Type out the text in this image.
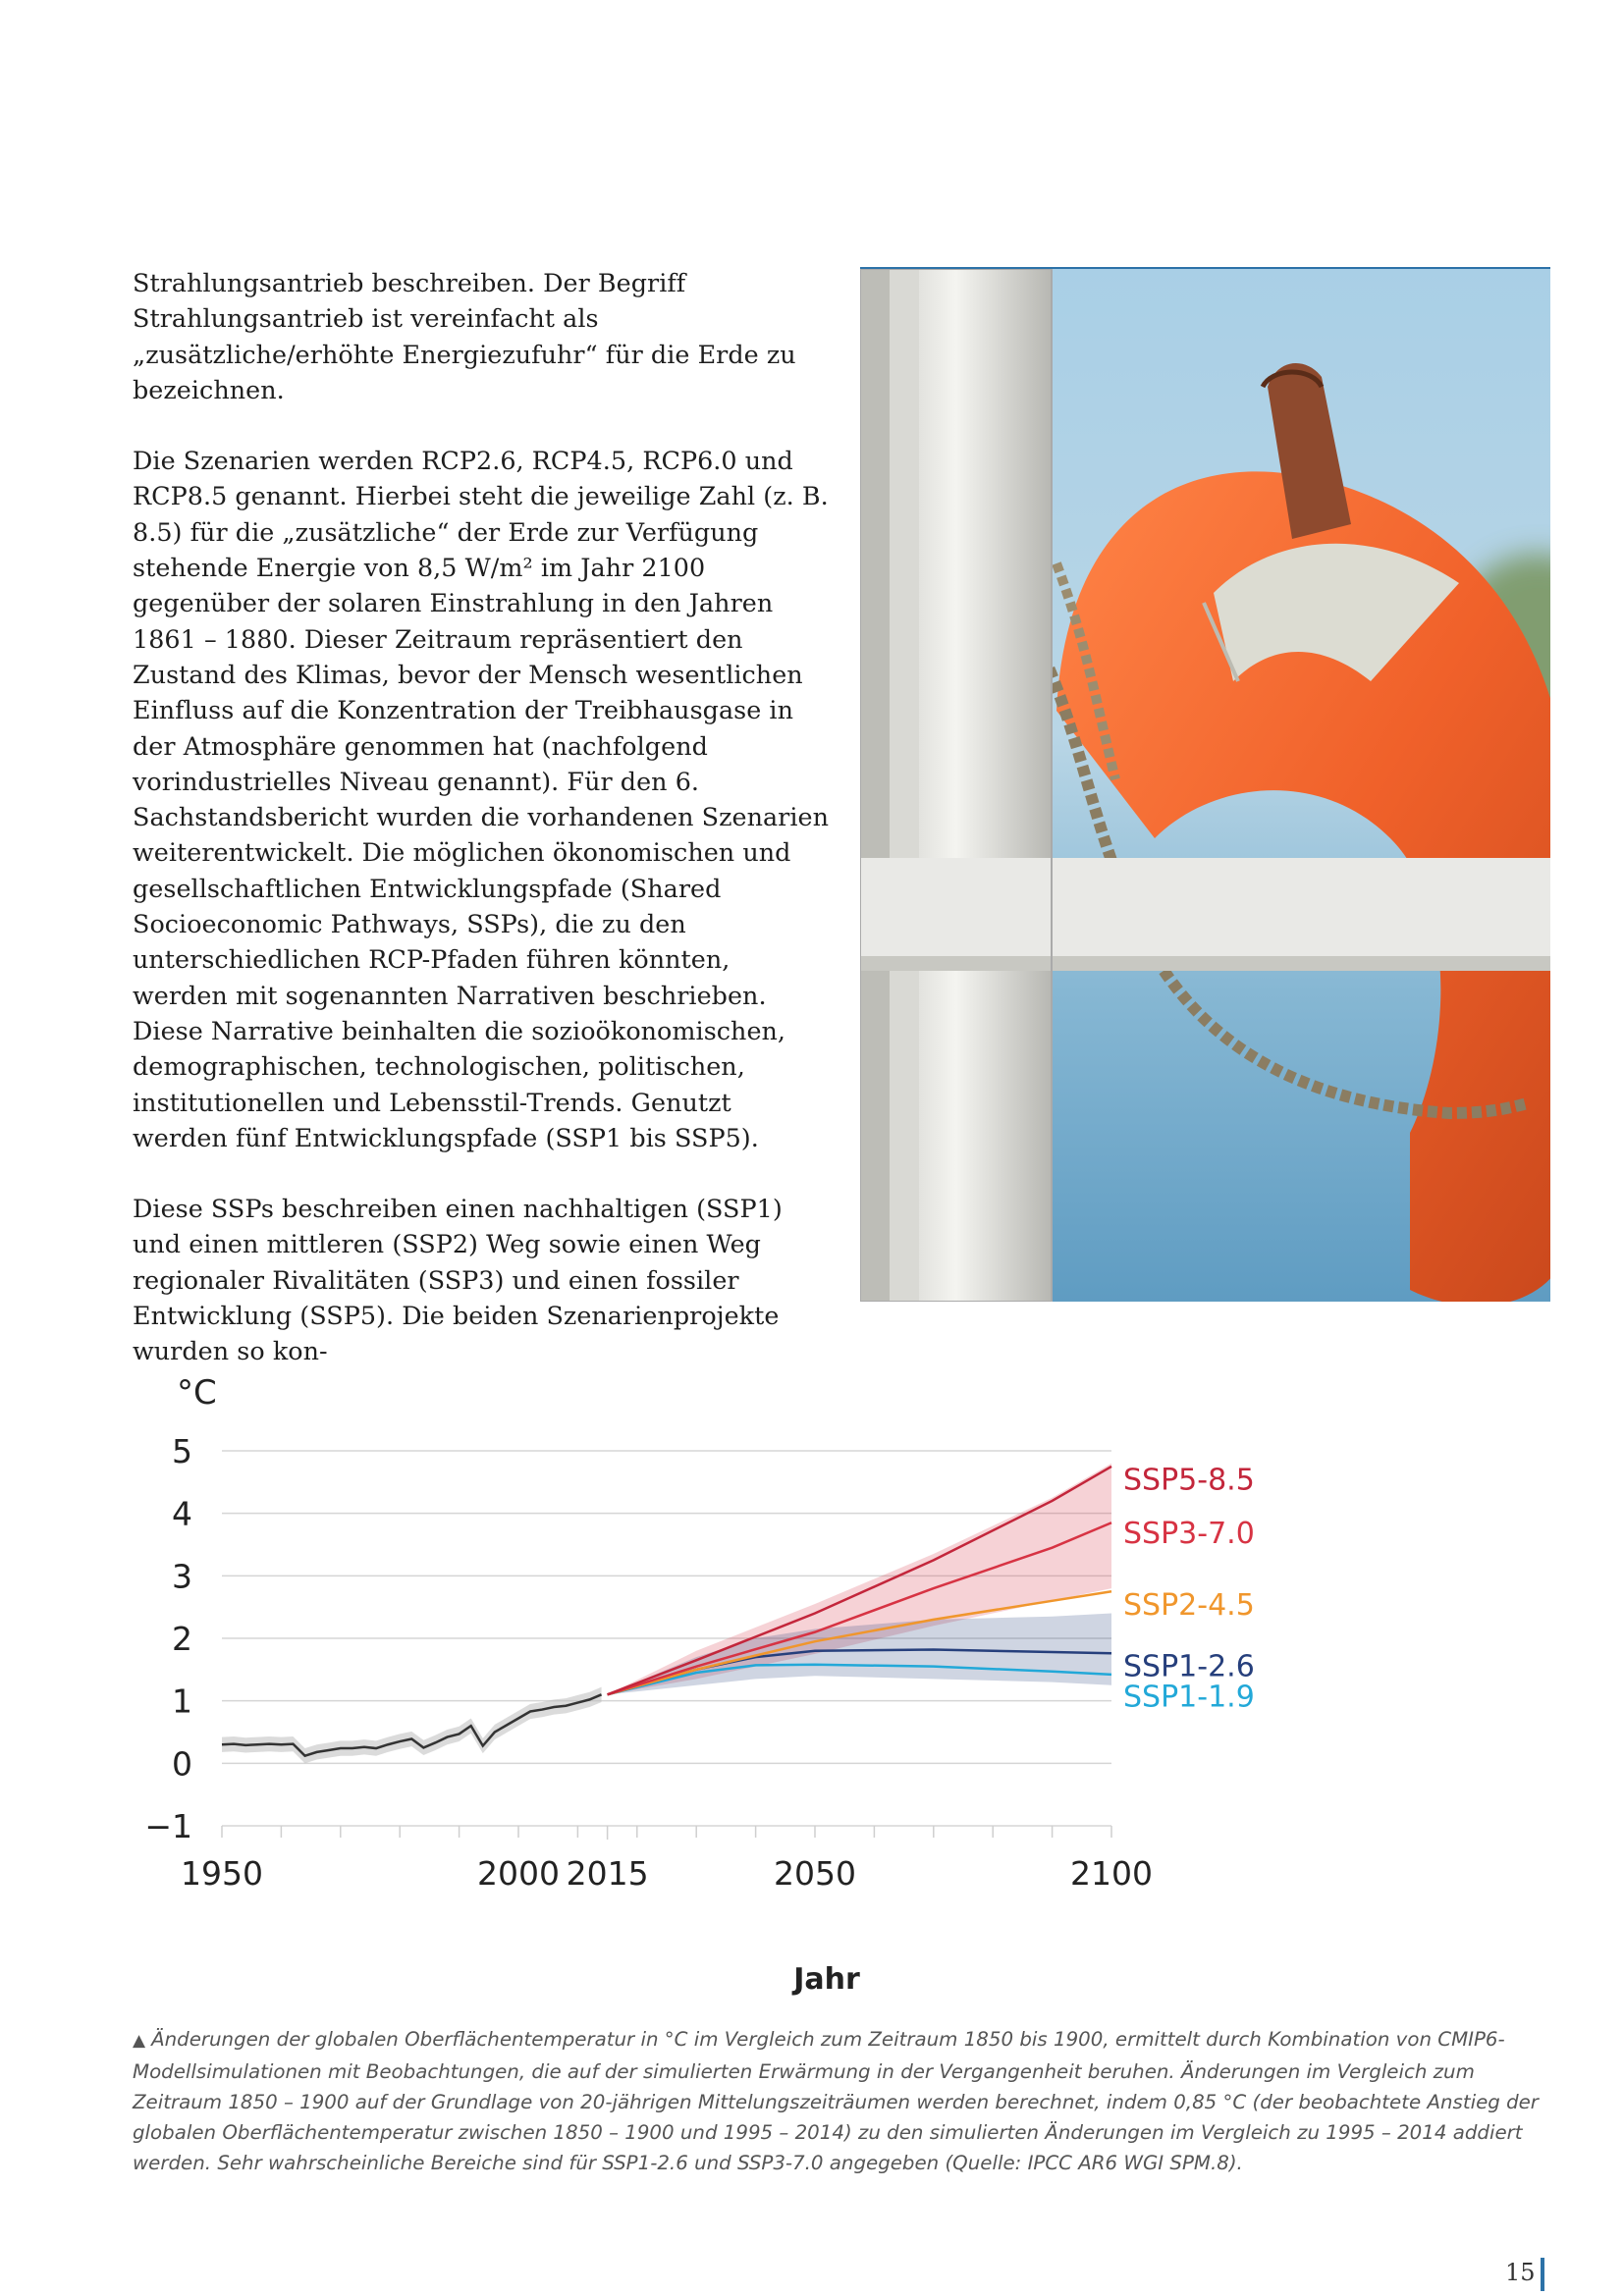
Strahlungsantrieb beschreiben. Der Begriff Strahlungsantrieb ist vereinfacht als „zusätzliche/erhöhte Energiezufuhr“ für die Erde zu bezeichnen.

Die Szenarien werden RCP2.6, RCP4.5, RCP6.0 und RCP8.5 genannt. Hierbei steht die jeweilige Zahl (z. B. 8.5) für die „zusätzliche“ der Erde zur Verfügung stehende Energie von 8,5 W/m² im Jahr 2100 gegenüber der solaren Einstrahlung in den Jahren 1861 – 1880. Dieser Zeitraum repräsentiert den Zustand des Klimas, bevor der Mensch wesentlichen Einfluss auf die Konzentration der Treibhausgase in der Atmosphäre genommen hat (nachfolgend vorindustrielles Niveau genannt). Für den 6. Sachstandsbericht wurden die vorhandenen Szenarien weiterentwickelt. Die möglichen ökonomischen und gesellschaftlichen Entwicklungspfade (Shared Socioeconomic Pathways, SSPs), die zu den unterschiedlichen RCP-Pfaden führen könnten, werden mit sogenannten Narrativen beschrieben. Diese Narrative beinhalten die sozioökonomischen, demographischen, technologischen, politischen, institutionellen und Lebensstil-Trends. Genutzt werden fünf Entwicklungspfade (SSP1 bis SSP5).

Diese SSPs beschreiben einen nachhaltigen (SSP1) und einen mittleren (SSP2) Weg sowie einen Weg regionaler Rivalitäten (SSP3) und einen fossiler Entwicklung (SSP5). Die beiden Szenarienprojekte wurden so kon-

°C
−1
0
1
2
3
4
5
1950	2000 2015	2050	2100
SSP5-8.5
SSP3-7.0
SSP2-4.5
SSP1-2.6
SSP1-1.9
Jahr
▲ Änderungen der globalen Oberflächentemperatur in °C im Vergleich zum Zeitraum 1850 bis 1900, ermittelt durch Kombination von CMIP6-Modellsimulationen mit Beobachtungen, die auf der simulierten Erwärmung in der Vergangenheit beruhen. Änderungen im Vergleich zum Zeitraum 1850 – 1900 auf der Grundlage von 20-jährigen Mittelungszeiträumen werden berechnet, indem 0,85 °C (der beobachtete Anstieg der globalen Oberflächentemperatur zwischen 1850 – 1900 und 1995 – 2014) zu den simulierten Änderungen im Vergleich zu 1995 – 2014 addiert werden. Sehr wahrscheinliche Bereiche sind für SSP1-2.6 und SSP3-7.0 angegeben (Quelle: IPCC AR6 WGI SPM.8).
15
